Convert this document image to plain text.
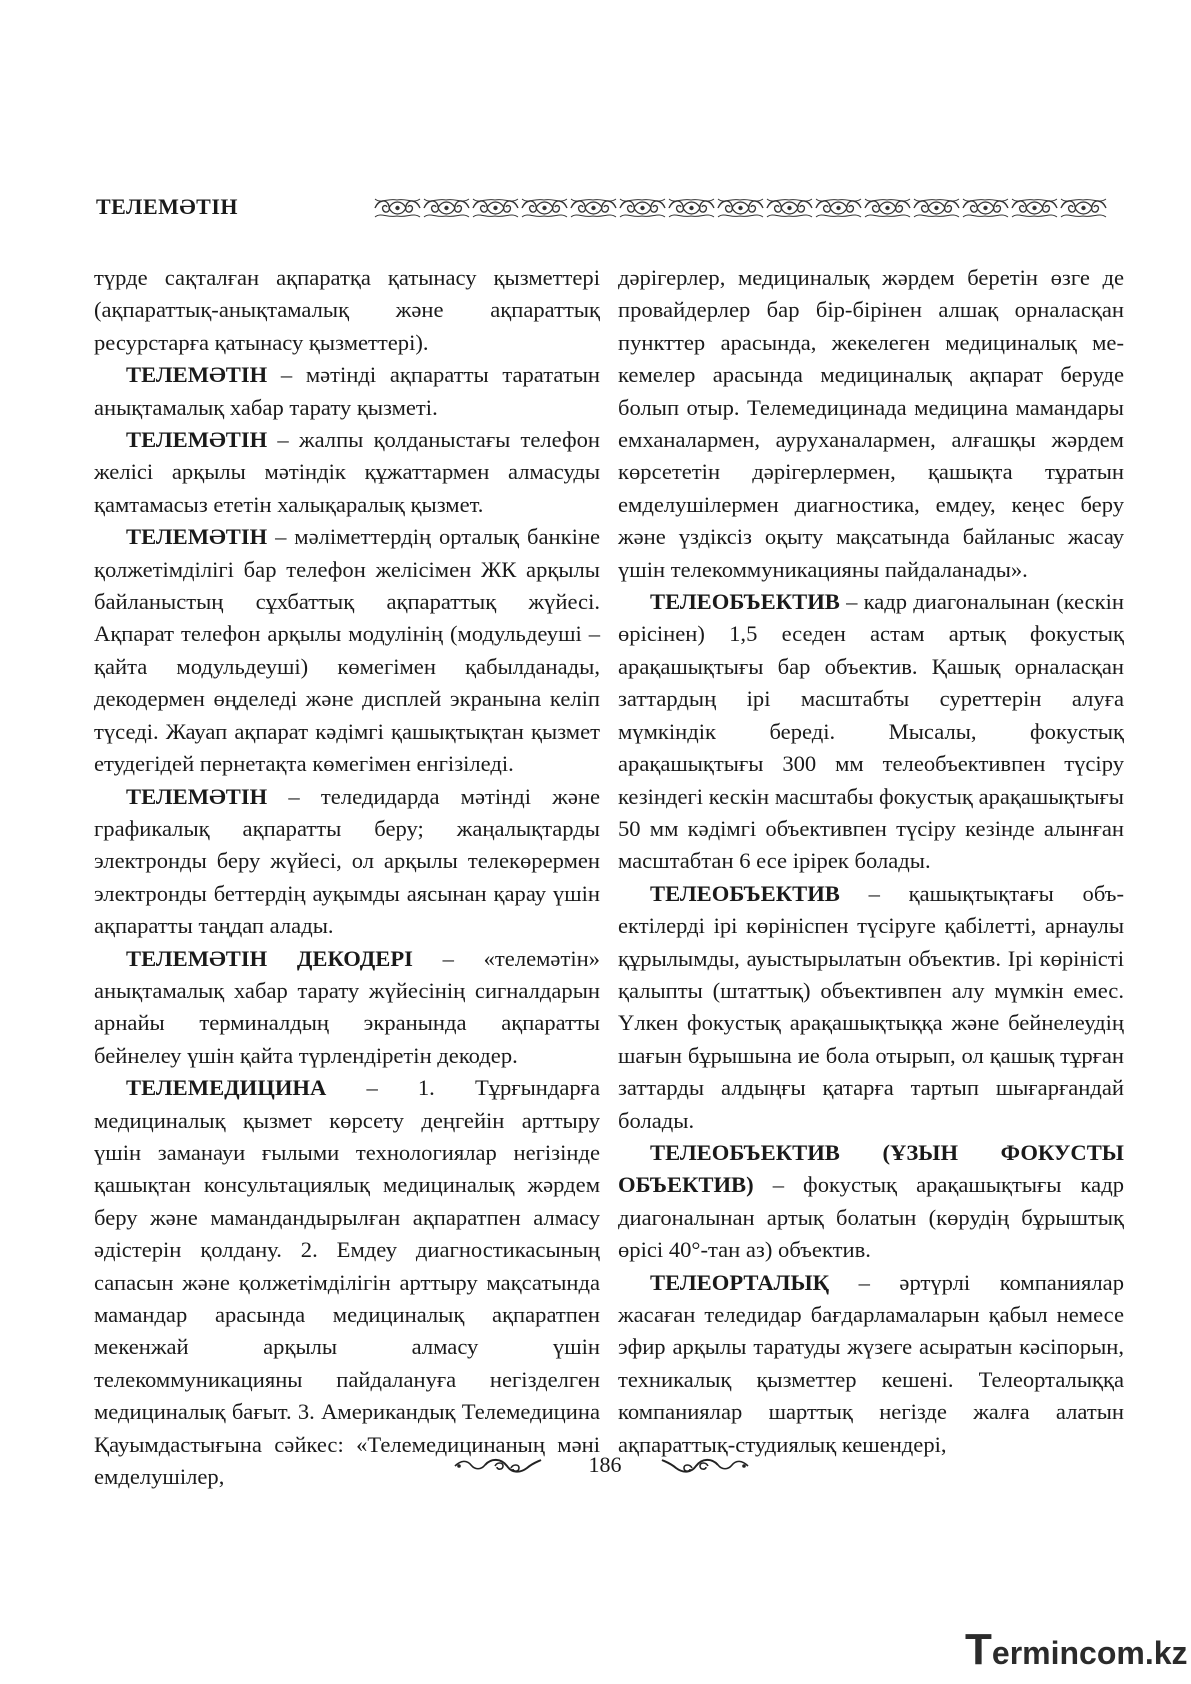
ТЕЛЕМӘТІН

түрде сақталған ақпаратқа қатынасу қызметтері (ақпараттық-анықтамалық және ақпараттық ресурстарға қатынасу қызметтері).

ТЕЛЕМӘТІН – мәтінді ақпаратты тарататын анықтамалық хабар тарату қызметі.

ТЕЛЕМӘТІН – жалпы қолданыстағы телефон желісі арқылы мәтіндік құжаттармен алмасуды қамтамасыз ететін халықаралық қызмет.

ТЕЛЕМӘТІН – мәліметтердің орталық банкіне қолжетімділігі бар телефон желісімен ЖК арқылы байланыстың сұхбаттық ақпараттық жүйесі. Ақпарат телефон арқылы модулінің (модульдеуші – қайта модульдеуші) көмегімен қабылданады, декодермен өңделеді және дисплей экранына келіп түседі. Жауап ақпарат кәдімгі қашықтықтан қызмет етудегідей пернетақта көмегімен енгізіледі.

ТЕЛЕМӘТІН – теледидарда мәтінді және графикалық ақпаратты беру; жаңалықтарды электронды беру жүйесі, ол арқылы телекөрермен электронды беттердің ауқымды аясынан қарау үшін ақпаратты таңдап алады.

ТЕЛЕМӘТІН ДЕКОДЕРІ – «телемәтін» анықтамалық хабар тарату жүйесінің сигналдарын арнайы терминалдың экранында ақпаратты бейнелеу үшін қайта түрлендіретін декодер.

ТЕЛЕМЕДИЦИНА – 1. Тұрғындарға медициналық қызмет көрсету деңгейін арттыру үшін заманауи ғылыми технологиялар негізінде қашықтан консультациялық медициналық жәрдем беру және мамандандырылған ақпаратпен алмасу әдістерін қолдану. 2. Емдеу диагностикасының сапасын және қолжетімділігін арттыру мақсатында мамандар арасында медициналық ақпаратпен мекенжай арқылы алмасу үшін телекоммуникацияны пайдалануға негізделген медициналық бағыт. 3. Американдық Телемедицина Қауымдастығына сәйкес: «Телемедицинаның мәні емделушілер,

дәрігерлер, медициналық жәрдем беретін өзге де провайдерлер бар бір-бірінен алшақ орналасқан пункттер арасында, жекелеген медициналық мекемелер арасында медициналық ақпарат беруде болып отыр. Телемедицинада медицина мамандары емханалармен, ауруханалармен, алғашқы жәрдем көрсететін дәрігерлермен, қашықта тұратын емделушілермен диагностика, емдеу, кеңес беру және үздіксіз оқыту мақсатында байланыс жасау үшін телекоммуникацияны пайдаланады».

ТЕЛЕОБЪЕКТИВ – кадр диагоналынан (кескін өрісінен) 1,5 еседен астам артық фокустық арақашықтығы бар объектив. Қашық орналасқан заттардың ірі масштабты суреттерін алуға мүмкіндік береді. Мысалы, фокустық арақашықтығы 300 мм телеобъективпен түсіру кезіндегі кескін масштабы фокустық арақашықтығы 50 мм кәдімгі объективпен түсіру кезінде алынған масштабтан 6 есе ірірек болады.

ТЕЛЕОБЪЕКТИВ – қашықтықтағы объектілерді ірі көрініспен түсіруге қабілетті, арнаулы құрылымды, ауыстырылатын объектив. Ірі көріністі қалыпты (штаттық) объективпен алу мүмкін емес. Үлкен фокустық арақашықтыққа және бейнелеудің шағын бұрышына ие бола отырып, ол қашық тұрған заттарды алдыңғы қатарға тартып шығарғандай болады.

ТЕЛЕОБЪЕКТИВ (ҰЗЫН ФОКУСТЫ ОБЪЕКТИВ) – фокустық арақашықтығы кадр диагоналынан артық болатын (көрудің бұрыштық өрісі 40°-тан аз) объектив.

ТЕЛЕОРТАЛЫҚ – әртүрлі компаниялар жасаған теледидар бағдарламаларын қабыл немесе эфир арқылы таратуды жүзеге асыратын кәсіпорын, техникалық қызметтер кешені. Телеорталыққа компаниялар шарттық негізде жалға алатын ақпараттық-студиялық кешендері,

186
Termincom.kz
